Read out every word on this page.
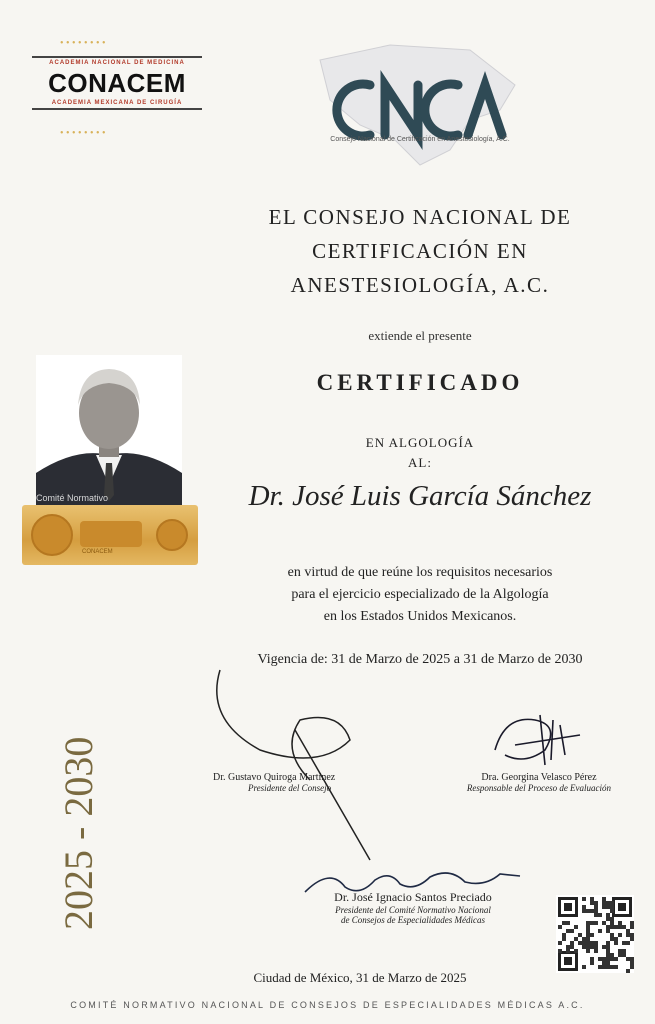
ACADEMIA NACIONAL DE MEDICINA
CONACEM
ACADEMIA MEXICANA DE CIRUGÍA
• • • • • • • •
• • • • • • • •
Consejo Nacional de Certificación en Anestesiología, A.C.
EL CONSEJO NACIONAL DE
CERTIFICACIÓN EN
ANESTESIOLOGÍA, A.C.
extiende el presente
CERTIFICADO
EN ALGOLOGÍA
AL:
Dr. José Luis García Sánchez
en virtud de que reúne los requisitos necesarios
para el ejercicio especializado de la Algología
en los Estados Unidos Mexicanos.
Vigencia de: 31 de Marzo de 2025 a 31 de Marzo de 2030
Comité Normativo
CONACEM
2025 - 2030	Dr. Gustavo Quiroga Martínez
Presidente del Consejo
Dra. Georgina Velasco Pérez
Responsable del Proceso de Evaluación
Dr. José Ignacio Santos Preciado
Presidente del Comité Normativo Nacional
de Consejos de Especialidades Médicas
Ciudad de México, 31 de Marzo de 2025
COMITÉ NORMATIVO NACIONAL DE CONSEJOS DE ESPECIALIDADES MÉDICAS A.C.
